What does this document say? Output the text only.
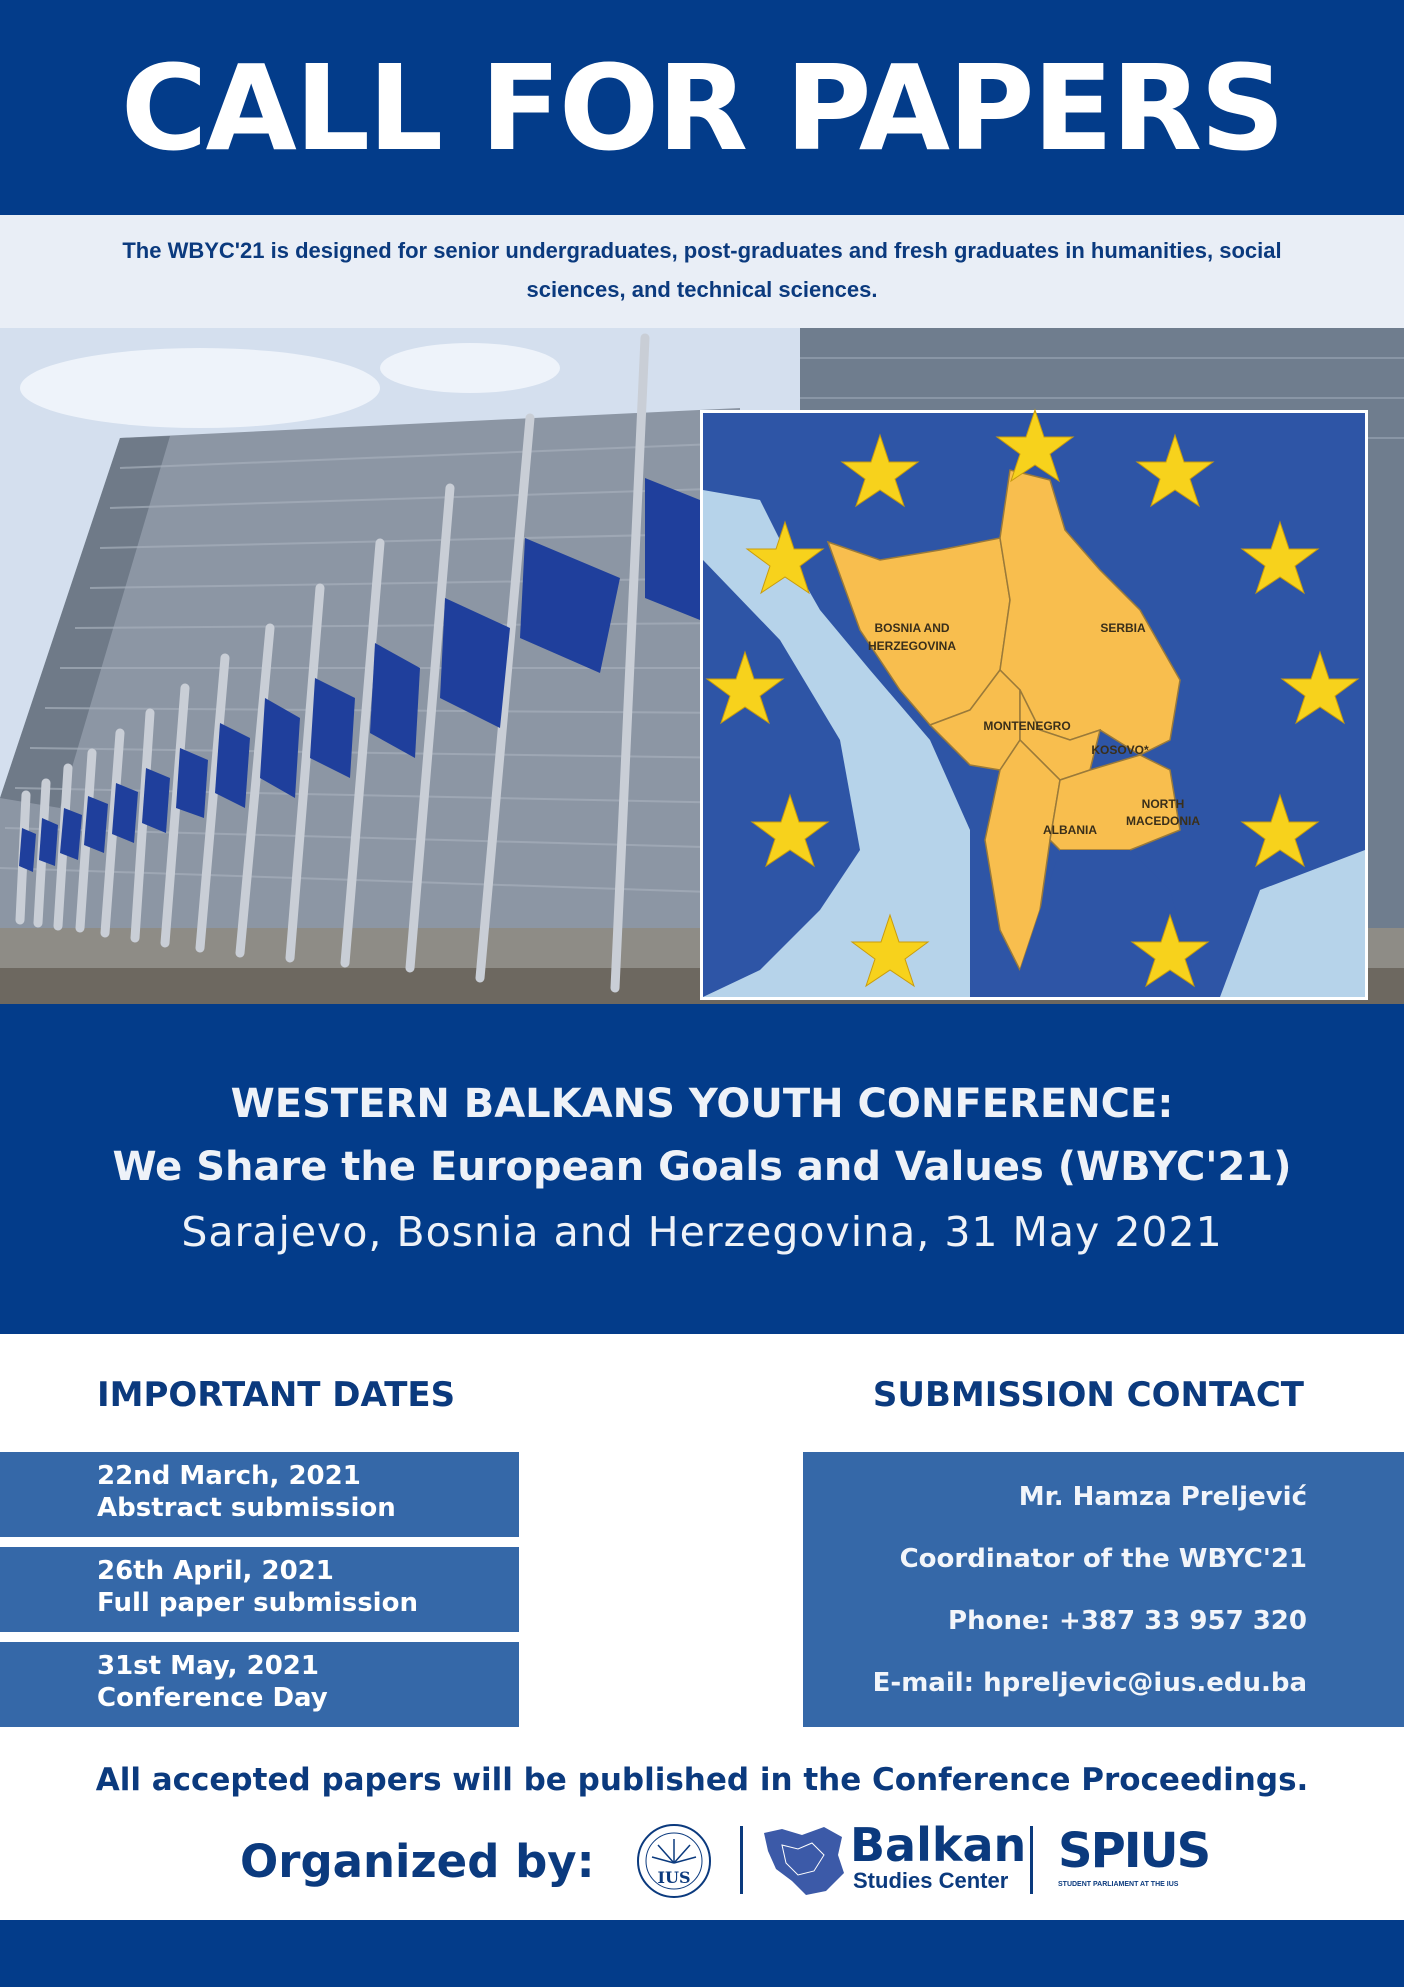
CALL FOR PAPERS

The WBYC'21 is designed for senior undergraduates, post-graduates and fresh graduates in humanities, social sciences, and technical sciences.

BOSNIA AND
HERZEGOVINA
SERBIA
MONTENEGRO
KOSOVO*
ALBANIA
NORTH
MACEDONIA
WESTERN BALKANS YOUTH CONFERENCE:
We Share the European Goals and Values (WBYC'21)
Sarajevo, Bosnia and Herzegovina, 31 May 2021
IMPORTANT DATES	SUBMISSION CONTACT
22nd March, 2021
Abstract submission
26th April, 2021
Full paper submission
31st May, 2021
Conference Day
Mr. Hamza Preljević
Coordinator of the WBYC'21
Phone: +387 33 957 320
E-mail: hpreljevic@ius.edu.ba
All accepted papers will be published in the Conference Proceedings.
Organized by:	IUS
Balkan
Studies Center
SPIUS
STUDENT PARLIAMENT AT THE IUS
